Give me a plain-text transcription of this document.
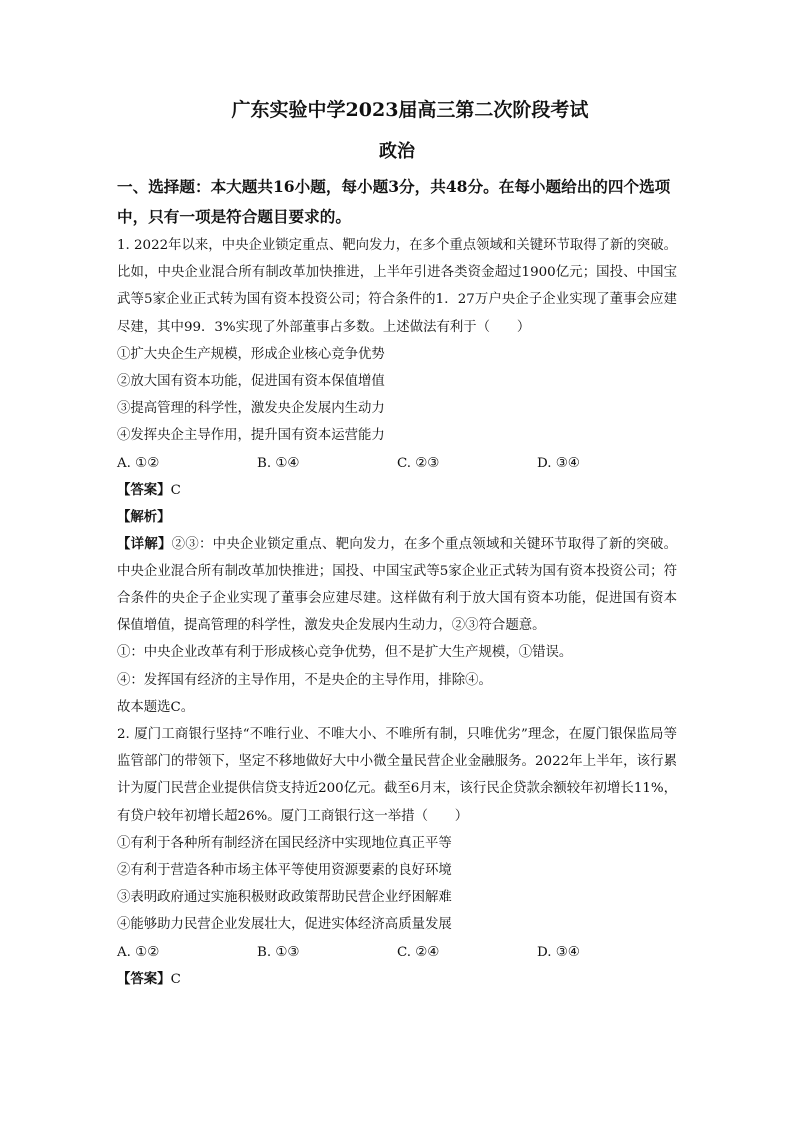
广东实验中学2023届高三第二次阶段考试
政治
一、选择题：本大题共16小题，每小题3分，共48分。在每小题给出的四个选项中，只有一项是符合题目要求的。

1. 2022年以来，中央企业锁定重点、靶向发力，在多个重点领域和关键环节取得了新的突破。比如，中央企业混合所有制改革加快推进，上半年引进各类资金超过1900亿元；国投、中国宝武等5家企业正式转为国有资本投资公司；符合条件的1．27万户央企子企业实现了董事会应建尽建，其中99．3%实现了外部董事占多数。上述做法有利于（　　）

①扩大央企生产规模，形成企业核心竞争优势

②放大国有资本功能，促进国有资本保值增值

③提高管理的科学性，激发央企发展内生动力

④发挥央企主导作用，提升国有资本运营能力

A. ①②	B. ①④	C. ②③	D. ③④
【答案】C
【解析】

【详解】②③：中央企业锁定重点、靶向发力，在多个重点领域和关键环节取得了新的突破。中央企业混合所有制改革加快推进；国投、中国宝武等5家企业正式转为国有资本投资公司；符合条件的央企子企业实现了董事会应建尽建。这样做有利于放大国有资本功能，促进国有资本保值增值，提高管理的科学性，激发央企发展内生动力，②③符合题意。

①：中央企业改革有利于形成核心竞争优势，但不是扩大生产规模，①错误。

④：发挥国有经济的主导作用，不是央企的主导作用，排除④。

故本题选C。

2. 厦门工商银行坚持“不唯行业、不唯大小、不唯所有制，只唯优劣”理念，在厦门银保监局等监管部门的带领下，坚定不移地做好大中小微全量民营企业金融服务。2022年上半年，该行累计为厦门民营企业提供信贷支持近200亿元。截至6月末，该行民企贷款余额较年初增长11%，有贷户较年初增长超26%。厦门工商银行这一举措（　　）

①有利于各种所有制经济在国民经济中实现地位真正平等

②有利于营造各种市场主体平等使用资源要素的良好环境

③表明政府通过实施积极财政政策帮助民营企业纾困解难

④能够助力民营企业发展壮大，促进实体经济高质量发展

A. ①②	B. ①③	C. ②④	D. ③④
【答案】C
